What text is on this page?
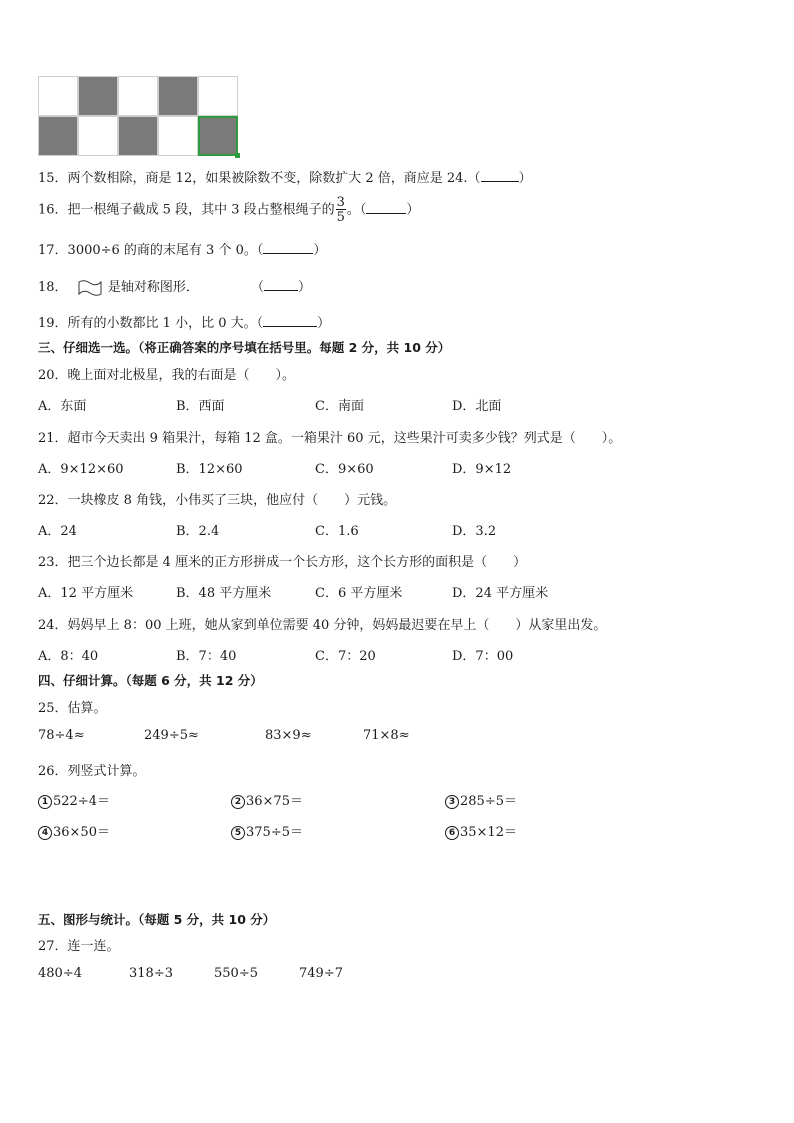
15．两个数相除，商是 12，如果被除数不变，除数扩大 2 倍，商应是 24.（	）
16．把一根绳子截成 5 段，其中 3 段占整根绳子的 $\frac{3}{5}$ 。（	）
17．3000÷6 的商的末尾有 3 个 0。（	）
18．	是轴对称图形．	（	）
19．所有的小数都比 1 小，比 0 大。（	）
三、仔细选一选。（将正确答案的序号填在括号里。每题 2 分，共 10 分）
20．晚上面对北极星，我的右面是（　　）。
A．东面	B．西面	C．南面	D．北面
21．超市今天卖出 9 箱果汁，每箱 12 盒。一箱果汁 60 元，这些果汁可卖多少钱？列式是（　　）。
A．9×12×60	B．12×60	C．9×60	D．9×12
22．一块橡皮 8 角钱，小伟买了三块，他应付（　　）元钱。
A．24	B．2.4	C．1.6	D．3.2
23．把三个边长都是 4 厘米的正方形拼成一个长方形，这个长方形的面积是（　　）
A．12 平方厘米	B．48 平方厘米	C．6 平方厘米	D．24 平方厘米
24．妈妈早上 8：00 上班，她从家到单位需要 40 分钟，妈妈最迟要在早上（　　）从家里出发。
A．8：40	B．7：40	C．7：20	D．7：00
四、仔细计算。（每题 6 分，共 12 分）
25．估算。
78÷4≈	249÷5≈	83×9≈	71×8≈
26．列竖式计算。
1 522÷4＝	2 36×75＝	3 285÷5＝
4 36×50＝	5 375÷5＝	6 35×12＝
五、图形与统计。（每题 5 分，共 10 分）
27．连一连。
480÷4	318÷3	550÷5	749÷7
